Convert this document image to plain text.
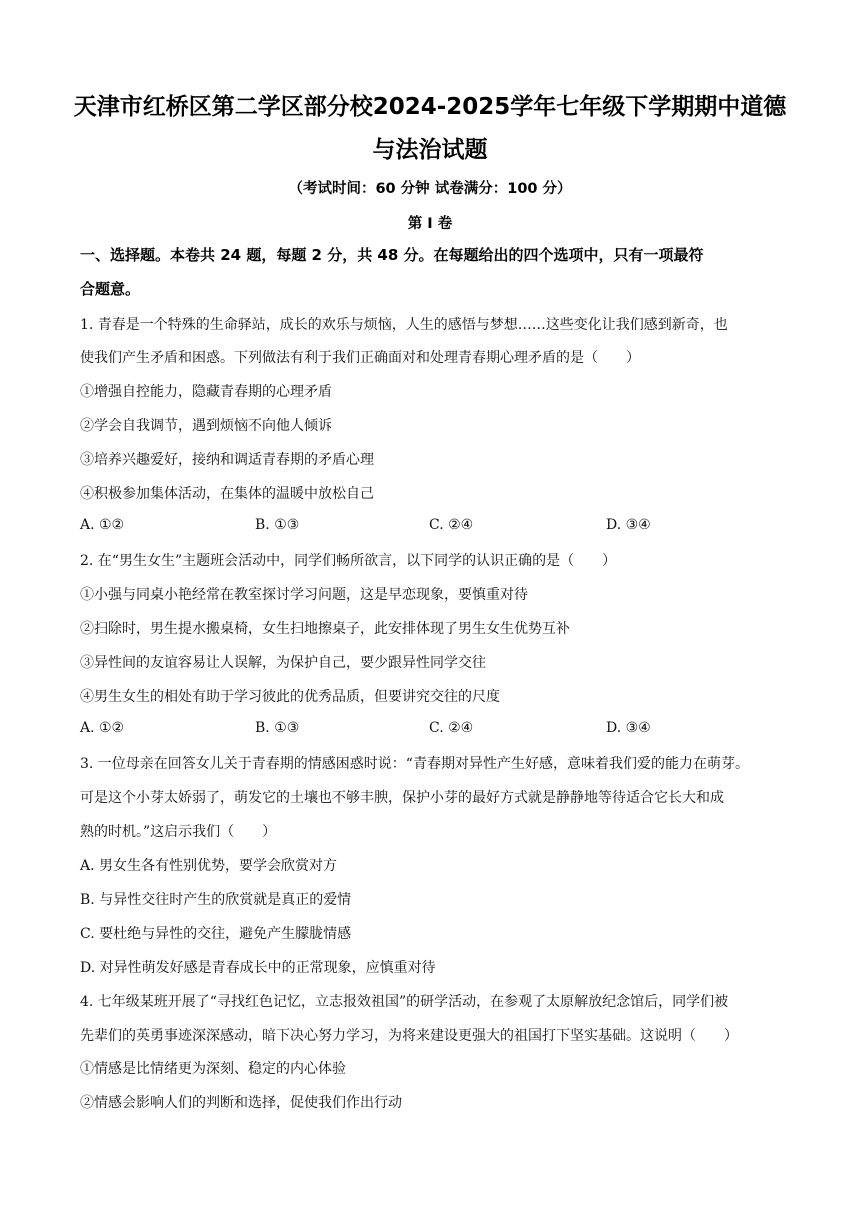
天津市红桥区第二学区部分校2024-2025学年七年级下学期期中道德
与法治试题
（考试时间：60 分钟 试卷满分：100 分）
第 I 卷
一、选择题。本卷共 24 题，每题 2 分，共 48 分。在每题给出的四个选项中，只有一项最符
合题意。
1. 青春是一个特殊的生命驿站，成长的欢乐与烦恼，人生的感悟与梦想……这些变化让我们感到新奇，也
使我们产生矛盾和困惑。下列做法有利于我们正确面对和处理青春期心理矛盾的是（　　）
①增强自控能力，隐藏青春期的心理矛盾
②学会自我调节，遇到烦恼不向他人倾诉
③培养兴趣爱好，接纳和调适青春期的矛盾心理
④积极参加集体活动，在集体的温暖中放松自己
A. ①②	B. ①③	C. ②④	D. ③④
2. 在“男生女生”主题班会活动中，同学们畅所欲言，以下同学的认识正确的是（　　）
①小强与同桌小艳经常在教室探讨学习问题，这是早恋现象，要慎重对待
②扫除时，男生提水搬桌椅，女生扫地擦桌子，此安排体现了男生女生优势互补
③异性间的友谊容易让人误解，为保护自己，要少跟异性同学交往
④男生女生的相处有助于学习彼此的优秀品质，但要讲究交往的尺度
A. ①②	B. ①③	C. ②④	D. ③④
3. 一位母亲在回答女儿关于青春期的情感困惑时说：“青春期对异性产生好感，意味着我们爱的能力在萌芽。
可是这个小芽太娇弱了，萌发它的土壤也不够丰腴，保护小芽的最好方式就是静静地等待适合它长大和成
熟的时机。”这启示我们（　　）
A. 男女生各有性别优势，要学会欣赏对方
B. 与异性交往时产生的欣赏就是真正的爱情
C. 要杜绝与异性的交往，避免产生朦胧情感
D. 对异性萌发好感是青春成长中的正常现象，应慎重对待
4. 七年级某班开展了“寻找红色记忆，立志报效祖国”的研学活动，在参观了太原解放纪念馆后，同学们被
先辈们的英勇事迹深深感动，暗下决心努力学习，为将来建设更强大的祖国打下坚实基础。这说明（　　）
①情感是比情绪更为深刻、稳定的内心体验
②情感会影响人们的判断和选择，促使我们作出行动
